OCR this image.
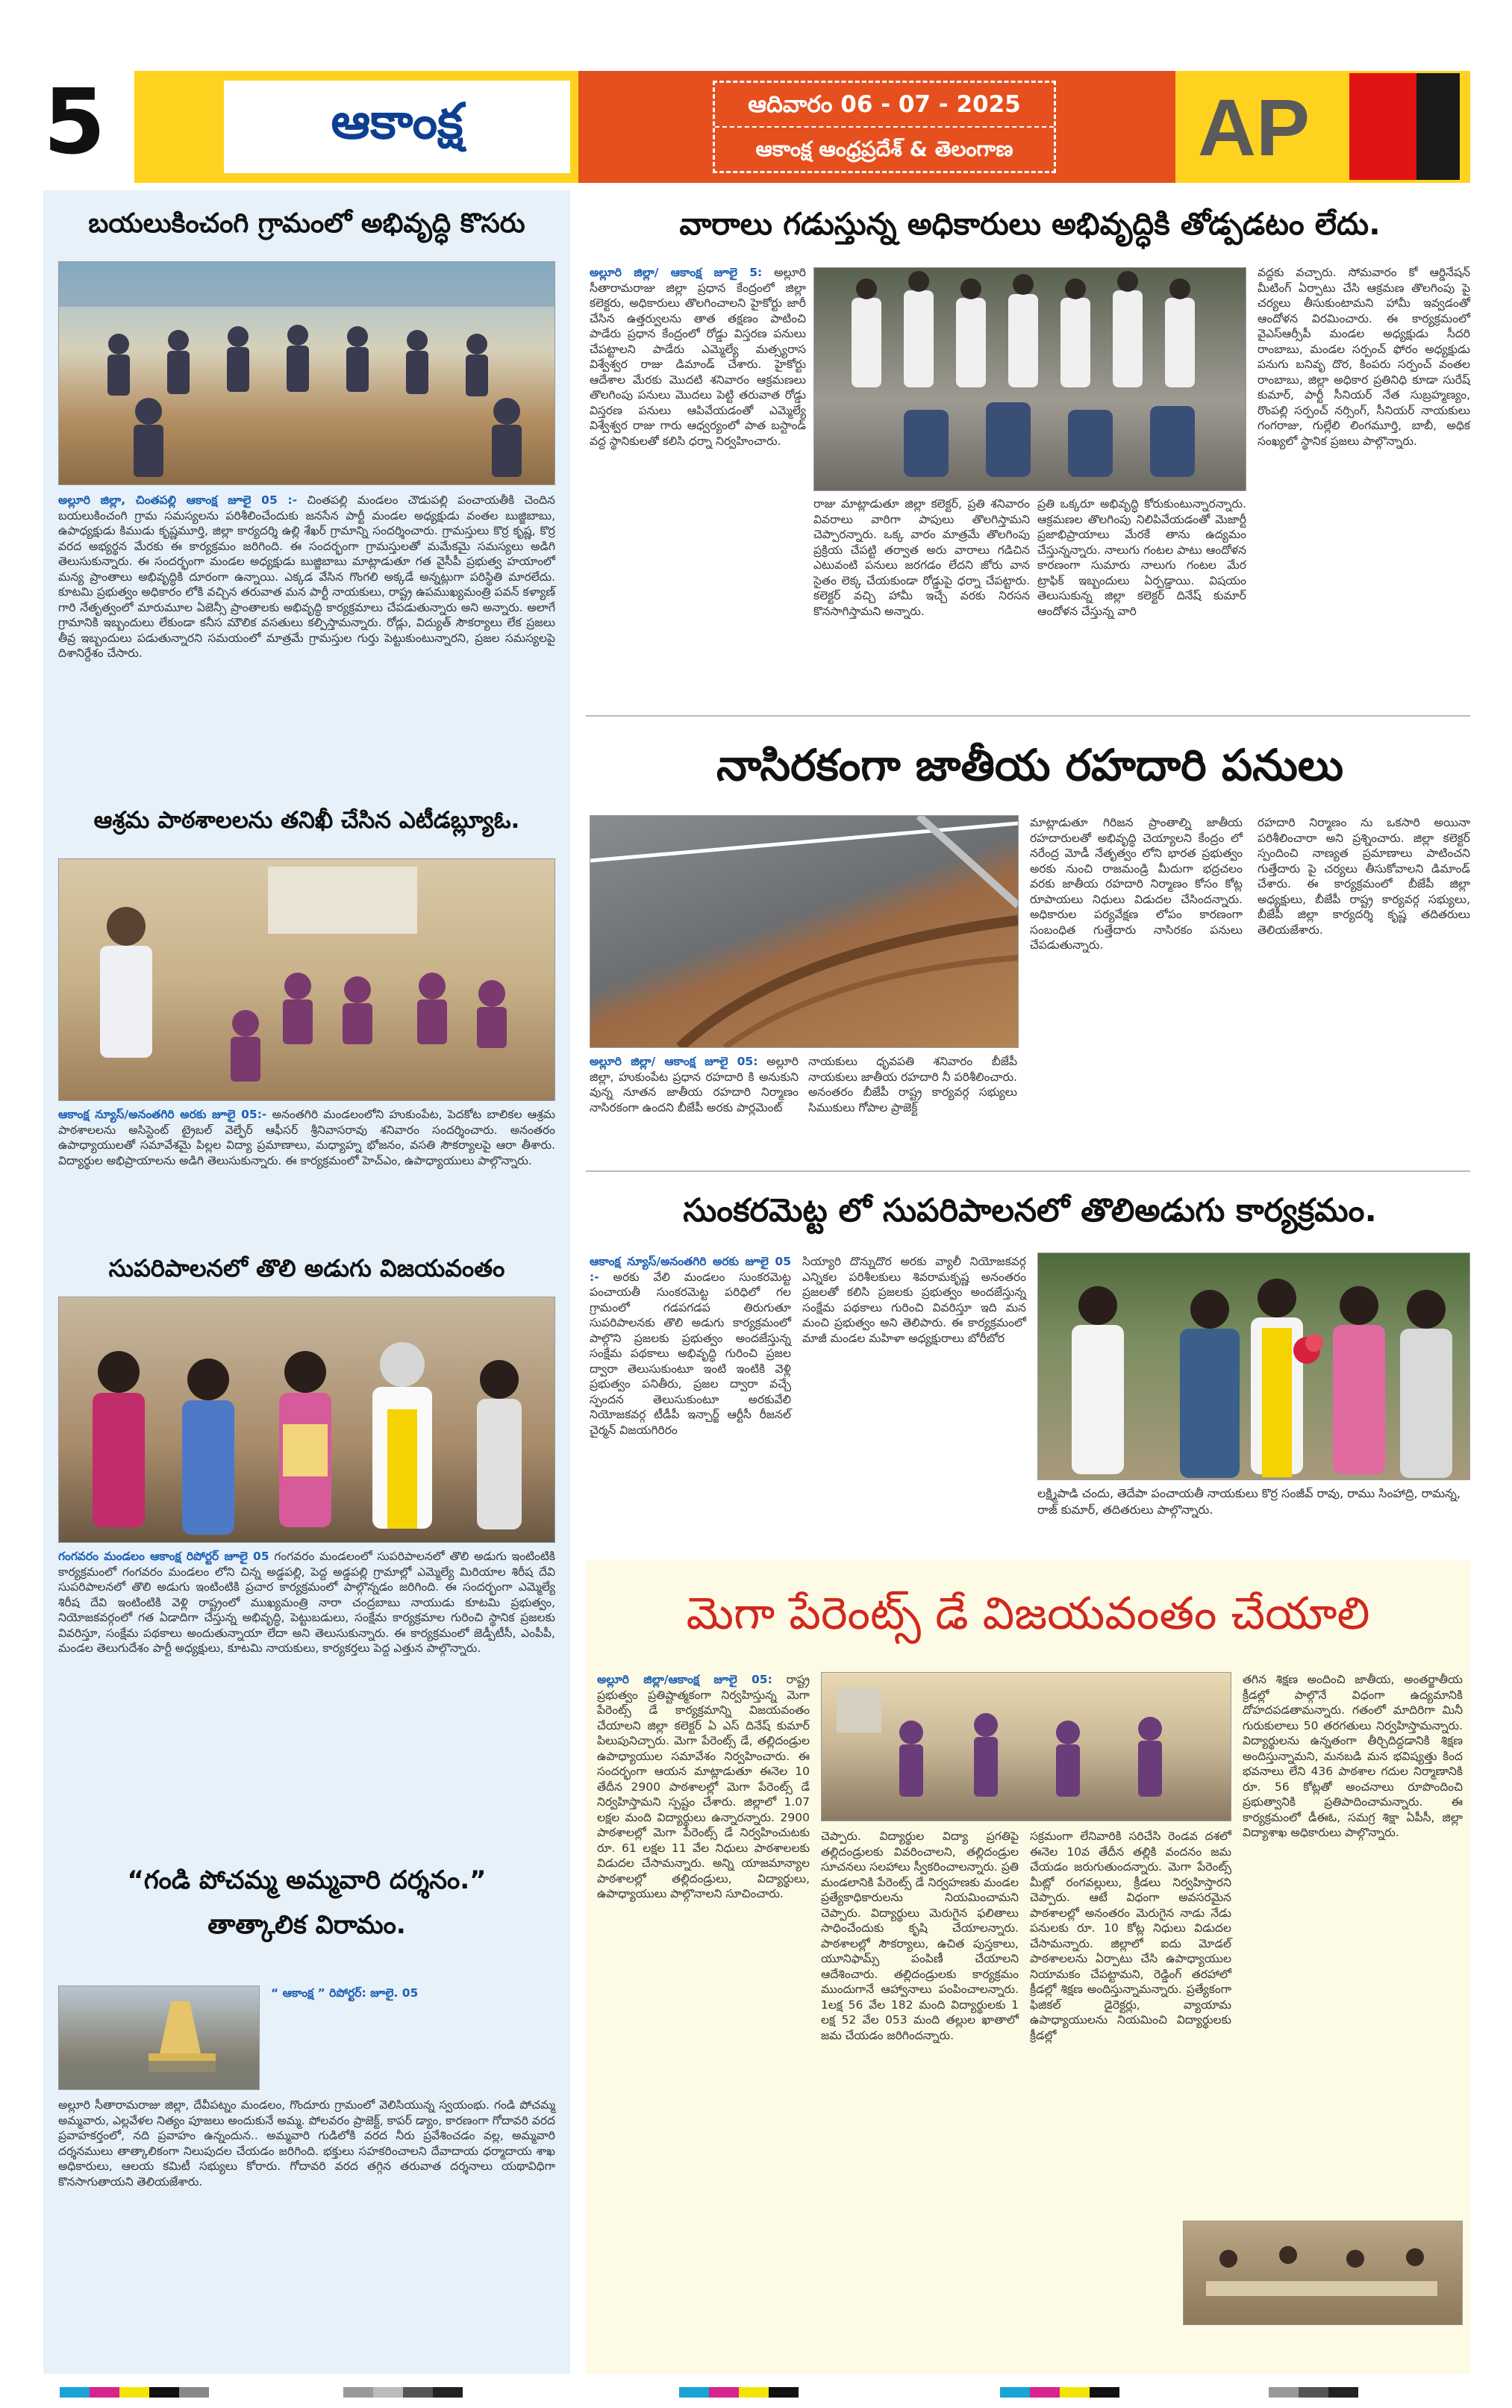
5	ఆకాంక్ష	ఆదివారం 06 - 07 - 2025
ఆకాంక్ష ఆంధ్రప్రదేశ్ & తెలంగాణ	AP
బయలుకించంగి గ్రామంలో అభివృద్ధి కొసరు
అల్లూరి జిల్లా, చింతపల్లి ఆకాంక్ష జూలై 05 :- చింతపల్లి మండలం చౌడుపల్లి పంచాయతీకి చెందిన బయలుకించంగి గ్రామ సమస్యలను పరిశీలించేందుకు జనసేన పార్టీ మండల అధ్యక్షుడు వంతల బుజ్జిబాబు, ఉపాధ్యక్షుడు కిముడు కృష్ణమూర్తి, జిల్లా కార్యదర్శి ఉల్లి శేఖర్‌ గ్రామాన్ని సందర్శించారు. గ్రామస్తులు కొర్ర కృష్ణ, కొర్ర వరద అభ్యర్థన మేరకు ఈ కార్యక్రమం జరిగింది. ఈ సందర్భంగా గ్రామస్తులతో మమేకమై సమస్యలు అడిగి తెలుసుకున్నారు. ఈ సందర్భంగా మండల అధ్యక్షుడు బుజ్జిబాబు మాట్లాడుతూ గత వైసీపీ ప్రభుత్వ హయాంలో మన్య ప్రాంతాలు అభివృద్ధికి దూరంగా ఉన్నాయి. ఎక్కడ వేసిన గొంగలి అక్కడే అన్నట్లుగా పరిస్థితి మారలేదు. కూటమి ప్రభుత్వం అధికారం లోకి వచ్చిన తరువాత మన పార్టీ నాయకులు, రాష్ట్ర ఉపముఖ్యమంత్రి పవన్ కళ్యాణ్ గారి నేతృత్వంలో మారుమూల ఏజెన్సీ ప్రాంతాలకు అభివృద్ధి కార్యక్రమాలు చేపడుతున్నారు అని అన్నారు. అలాగే గ్రామానికి ఇబ్బందులు లేకుండా కనీస మౌలిక వసతులు కల్పిస్తామన్నారు. రోడ్లు, విద్యుత్ సౌకర్యాలు లేక ప్రజలు తీవ్ర ఇబ్బందులు పడుతున్నారని సమయంలో మాత్రమే గ్రామస్తుల గుర్తు పెట్టుకుంటున్నారని, ప్రజల సమస్యలపై దిశానిర్దేశం చేసారు.
ఆశ్రమ పాఠశాలలను తనిఖీ చేసిన ఎటీడబ్ల్యూఓ.
ఆకాంక్ష న్యూస్/అనంతగిరి అరకు జూలై 05:- అనంతగిరి మండలంలోని హుకుంపేట, పెదకోట బాలికల ఆశ్రమ పాఠశాలలను అసిస్టెంట్ ట్రైబల్ వెల్ఫేర్ ఆఫీసర్ శ్రీనివాసరావు శనివారం సందర్శించారు. అనంతరం ఉపాధ్యాయులతో సమావేశమై పిల్లల విద్యా ప్రమాణాలు, మధ్యాహ్న భోజనం, వసతి సౌకర్యాలపై ఆరా తీశారు. విద్యార్థుల అభిప్రాయాలను అడిగి తెలుసుకున్నారు. ఈ కార్యక్రమంలో హెచ్ఎం, ఉపాధ్యాయులు పాల్గొన్నారు.
సుపరిపాలనలో తొలి అడుగు విజయవంతం
గంగవరం మండలం ఆకాంక్ష రిపోర్టర్ జూలై 05 గంగవరం మండలంలో సుపరిపాలనలో తొలి అడుగు ఇంటింటికి కార్యక్రమంలో గంగవరం మండలం లోని చిన్న అడ్డపల్లి, పెద్ద అడ్డపల్లి గ్రామాల్లో ఎమ్మెల్యే మిరియాల శిరీష దేవి సుపరిపాలనలో తొలి అడుగు ఇంటింటికి ప్రచార కార్యక్రమంలో పాల్గొన్నడం జరిగింది. ఈ సందర్భంగా ఎమ్మెల్యే శిరీష దేవి ఇంటింటికి వెళ్లి రాష్ట్రంలో ముఖ్యమంత్రి నారా చంద్రబాబు నాయుడు కూటమి ప్రభుత్వం, నియోజకవర్గంలో గత ఏడాదిగా చేస్తున్న అభివృద్ధి, పెట్టుబడులు, సంక్షేమ కార్యక్రమాల గురించి స్థానిక ప్రజలకు వివరిస్తూ, సంక్షేమ పథకాలు అందుతున్నాయా లేదా అని తెలుసుకున్నారు. ఈ కార్యక్రమంలో జెడ్పీటీసీ, ఎంపీపీ, మండల తెలుగుదేశం పార్టీ అధ్యక్షులు, కూటమి నాయకులు, కార్యకర్తలు పెద్ద ఎత్తున పాల్గొన్నారు.
“గండి పోచమ్మ అమ్మవారి దర్శనం.”
తాత్కాలిక విరామం.
“ ఆకాంక్ష ” రిపోర్టర్: జూలై. 05
అల్లూరి సీతారామరాజు జిల్లా, దేవీపట్నం మండలం, గొందూరు గ్రామంలో వెలిసియున్న స్వయంభు. గండి పోచమ్మ అమ్మవారు, ఎల్లవేళల నిత్యం పూజలు అందుకునే అమ్మ. పోలవరం ప్రాజెక్ట్, కాపర్ డ్యాం, కారణంగా గోదావరి వరద ప్రవాహకర్తంలో, నది ప్రవాహం ఉన్నందున.. అమ్మవారి గుడిలోకి వరద నీరు ప్రవేశించడం వల్ల, అమ్మవారి దర్శనములు తాత్కాలికంగా నిలుపుదల చేయడం జరిగింది. భక్తులు సహకరించాలని దేవాదాయ ధర్మాదాయ శాఖ అధికారులు, ఆలయ కమిటీ సభ్యులు కోరారు. గోదావరి వరద తగ్గిన తరువాత దర్శనాలు యథావిధిగా కొనసాగుతాయని తెలియజేశారు.
వారాలు గడుస్తున్న అధికారులు అభివృద్ధికి తోడ్పడటం లేదు.
అల్లూరి జిల్లా/ ఆకాంక్ష జూలై 5: అల్లూరి సీతారామరాజు జిల్లా ప్రధాన కేంద్రంలో జిల్లా కలెక్టరు, అధికారులు తొలగించాలని హైకోర్టు జారీ చేసిన ఉత్తర్వులను తాత తక్షణం పాటించి పాడేరు ప్రధాన కేంద్రంలో రోడ్డు విస్తరణ పనులు చేపట్టాలని పాడేరు ఎమ్మెల్యే మత్స్యరాస విశ్వేశ్వర రాజు డిమాండ్ చేశారు. హైకోర్టు ఆదేశాల మేరకు మొదటి శనివారం ఆక్రమణలు తొలగింపు పనులు మొదలు పెట్టి తరువాత రోడ్డు విస్తరణ పనులు ఆపివేయడంతో ఎమ్మెల్యే విశ్వేశ్వర రాజు గారు ఆధ్వర్యంలో పాత బస్టాండ్ వద్ద స్థానికులతో కలిసి ధర్నా నిర్వహించారు.
రాజు మాట్లాడుతూ జిల్లా కలెక్టర్, ప్రతి శనివారం వివరాలు వారిగా పాపులు తొలగిస్తామని చెప్పారన్నారు. ఒక్క వారం మాత్రమే తొలగింపు ప్రక్రియ చేపట్టి తర్వాత అరు వారాలు గడిచిన ఎటువంటి పనులు జరగడం లేదని జోరు వాన సైతం లెక్క చేయకుండా రోడ్డుపై ధర్నా చేపట్టారు. కలెక్టర్ వచ్చి హామీ ఇచ్చే వరకు నిరసన కొనసాగిస్తామని అన్నారు.
ప్రతి ఒక్కరూ అభివృద్ధి కోరుకుంటున్నారన్నారు. ఆక్రమణల తొలగింపు నిలిపివేయడంతో మెజార్టీ ప్రజాభిప్రాయాలు మేరకే తాను ఉద్యమం చేస్తున్నన్నారు. నాలుగు గంటల పాటు ఆందోళన కారణంగా సుమారు నాలుగు గంటల మేర ట్రాఫిక్ ఇబ్బందులు ఏర్పడ్డాయి. విషయం తెలుసుకున్న జిల్లా కలెక్టర్ దినేష్ కుమార్ ఆందోళన చేస్తున్న వారి
వద్దకు వచ్చారు. సోమవారం కో ఆర్డినేషన్ మీటింగ్ ఏర్పాటు చేసి ఆక్రమణ తొలగింపు పై చర్యలు తీసుకుంటామని హామీ ఇవ్వడంతో ఆందోళన విరమించారు. ఈ కార్యక్రమంలో వైఎస్ఆర్సీపీ మండల అధ్యక్షుడు సీదరి రాంబాబు, మండల సర్పంచ్ ఫోరం అధ్యక్షుడు పనుగు బనివృ దొర, కింపరు సర్పంచ్ వంతల రాంబాబు, జిల్లా అధికార ప్రతినిధి కూడా సురేష్ కుమార్, పార్టీ సీనియర్ నేత సుబ్రహ్మణ్యం, రొంపల్లి సర్పంచ్ నర్సింగ్, సీనియర్ నాయకులు గంగరాజు, గుల్లేలి లింగమూర్తి, బాబీ, అధిక సంఖ్యలో స్థానిక ప్రజలు పాల్గొన్నారు.
నాసిరకంగా జాతీయ రహదారి పనులు
అల్లూరి జిల్లా/ ఆకాంక్ష జూలై 05: అల్లూరి జిల్లా, హుకుంపేట ప్రధాన రహదారి కి అనుకుని వున్న నూతన జాతీయ రహదారి నిర్మాణం నాసిరకంగా ఉందని బీజేపీ అరకు పార్లమెంట్
నాయకులు ధృవపతి శనివారం బీజేపీ నాయకులు జాతీయ రహదారి నీ పరిశీలించారు. అనంతరం బీజేపీ రాష్ట్ర కార్యవర్గ సభ్యులు సిముకులు గోపాల ప్రాజెక్ట్
మాట్లాడుతూ గిరిజన ప్రాంతాల్ని జాతీయ రహదారులతో అభివృద్ధి చెయ్యాలని కేంద్రం లో నరేంద్ర మోడీ నేతృత్వం లోని భారత ప్రభుత్వం అరకు నుంచి రాజమండ్రి మీదుగా భద్రచలం వరకు జాతీయ రహదారి నిర్మాణం కోసం కోట్ల రూపాయలు నిధులు విడుదల చేసిందన్నారు. అధికారుల పర్యవేక్షణ లోపం కారణంగా సంబంధిత గుత్తేదారు నాసిరకం పనులు చేపడుతున్నారు.
రహదారి నిర్మాణం ను ఒకసారి అయినా పరిశీలించారా అని ప్రశ్నించారు. జిల్లా కలెక్టర్ స్పందించి నాణ్యత ప్రమాణాలు పాటించని గుత్తేదారు పై చర్యలు తీసుకోవాలని డిమాండ్ చేశారు. ఈ కార్యక్రమంలో బీజేపీ జిల్లా అధ్యక్షులు, బీజేపీ రాష్ట్ర కార్యవర్గ సభ్యులు, బీజేపీ జిల్లా కార్యదర్శి కృష్ణ తదితరులు తెలియజేశారు.
సుంకరమెట్ట లో సుపరిపాలనలో తొలిఅడుగు కార్యక్రమం.
ఆకాంక్ష న్యూస్/అనంతగిరి అరకు జూలై 05 :- అరకు వేలి మండలం సుంకరమెట్ట పంచాయతీ సుంకరమెట్ట పరిధిలో గల గ్రామంలో గడపగడప తిరుగుతూ సుపరిపాలనకు తొలి అడుగు కార్యక్రమంలో పాల్గొని ప్రజలకు ప్రభుత్వం అందజేస్తున్న సంక్షేమ పథకాలు అభివృద్ధి గురించి ప్రజల ద్వారా తెలుసుకుంటూ ఇంటి ఇంటికి వెళ్లి ప్రభుత్వం పనితీరు, ప్రజల ద్వారా వచ్చే స్పందన తెలుసుకుంటూ అరకువేలి నియోజకవర్గ టీడీపీ ఇన్చార్జ్ ఆర్టీసీ రీజనల్ చైర్మన్ విజయగిరిరం
సియ్యారి దొన్నుదొర అరకు వ్యాలీ నియోజకవర్గ ఎన్నికల పరిశీలకులు శివరామకృష్ణ అనంతరం ప్రజలతో కలిసి ప్రజలకు ప్రభుత్వం అందజేస్తున్న సంక్షేమ పథకాలు గురించి వివరిస్తూ ఇది మన మంచి ప్రభుత్వం అని తెలిపారు. ఈ కార్యక్రమంలో మాజీ మండల మహిళా అధ్యక్షురాలు బోరీబోర
లక్ష్మిపాడి చందు, తెదేపా పంచాయతీ నాయకులు కొర్ర సంజీవ్ రావు, రాము సింహాద్రి, రామన్న, రాజ్ కుమార్, తదితరులు పాల్గొన్నారు.
మెగా పేరెంట్స్ డే విజయవంతం చేయాలి
అల్లూరి జిల్లా/ఆకాంక్ష జూలై 05: రాష్ట్ర ప్రభుత్వం ప్రతిష్టాత్మకంగా నిర్వహిస్తున్న మెగా పేరెంట్స్ డే కార్యక్రమాన్ని విజయవంతం చేయాలని జిల్లా కలెక్టర్ ఏ ఎస్ దినేష్ కుమార్ పిలుపునిచ్చారు. మెగా పేరెంట్స్ డే, తల్లిదండ్రుల ఉపాధ్యాయుల సమావేశం నిర్వహించారు. ఈ సందర్భంగా ఆయన మాట్లాడుతూ ఈనెల 10 తేదీన 2900 పాఠశాలల్లో మెగా పేరెంట్స్ డే నిర్వహిస్తామని స్పష్టం చేశారు. జిల్లాలో 1.07 లక్షల మంది విద్యార్థులు ఉన్నారన్నారు. 2900 పాఠశాలల్లో మెగా పేరెంట్స్ డే నిర్వహించుటకు రూ. 61 లక్షల 11 వేల నిధులు పాఠశాలలకు విడుదల చేసామన్నారు. అన్ని యాజమాన్యాల పాఠశాలల్లో తల్లిదండ్రులు, విద్యార్థులు, ఉపాధ్యాయులు పాల్గొనాలని సూచించారు.
చెప్పారు. విద్యార్థుల విద్యా ప్రగతిపై తల్లిదండ్రులకు వివరించాలని, తల్లిదండ్రుల సూచనలు సలహాలు స్వీకరించాలన్నారు. ప్రతి మండలానికి పేరెంట్స్ డే నిర్వహణకు మండల ప్రత్యేకాధికారులను నియమించామని చెప్పారు. విద్యార్థులు మెరుగైన ఫలితాలు సాధించేందుకు కృషి చేయాలన్నారు. పాఠశాలల్లో సౌకర్యాలు, ఉచిత పుస్తకాలు, యూనిఫామ్స్ పంపిణీ చేయాలని ఆదేశించారు. తల్లిదండ్రులకు కార్యక్రమం ముందుగానే ఆహ్వానాలు పంపించాలన్నారు. 1లక్ష 56 వేల 182 మంది విద్యార్థులకు 1 లక్ష 52 వేల 053 మంది తల్లుల ఖాతాలో జమ చేయడం జరిగిందన్నారు.
సక్రమంగా లేనివారికి సరిచేసి రెండవ దశలో ఈనెల 10వ తేదీన తల్లికి వందనం జమ చేయడం జరుగుతుందన్నారు. మెగా పేరెంట్స్ మీట్లో రంగవల్లులు, క్రీడలు నిర్వహిస్తారని చెప్పారు. ఆటే విధంగా అవసరమైన పాఠశాలల్లో అనంతరం మెరుగైన నాడు నేడు పనులకు రూ. 10 కోట్ల నిధులు విడుదల చేసామన్నారు. జిల్లాలో ఐదు మోడల్ పాఠశాలలను ఏర్పాటు చేసి ఉపాధ్యాయుల నియామకం చేపట్టామని, రెడ్డింగ్ తరహాలో క్రీడల్లో శిక్షణ అందిస్తున్నామన్నారు. ప్రత్యేకంగా ఫిజికల్ డైరెక్టర్లు, వ్యాయామ ఉపాధ్యాయులను నియమించి విద్యార్థులకు క్రీడల్లో
తగిన శిక్షణ అందించి జాతీయ, అంతర్జాతీయ క్రీడల్లో పాల్గొనే విధంగా ఉద్యమానికి దోహదపడతామన్నారు. గతంలో మాదిరిగా మినీ గురుకులాలు 50 తరగతులు నిర్వహిస్తామన్నారు. విద్యార్థులను ఉన్నతంగా తీర్చిదిద్దడానికి శిక్షణ అందిస్తున్నామని, మనబడి మన భవిష్యత్తు కింద భవనాలు లేని 436 పాఠశాల గదుల నిర్మాణానికి రూ. 56 కోట్లతో అంచనాలు రూపొందించి ప్రభుత్వానికి ప్రతిపాదించామన్నారు. ఈ కార్యక్రమంలో డీఈఓ, సమగ్ర శిక్షా ఏపీసీ, జిల్లా విద్యాశాఖ అధికారులు పాల్గొన్నారు.
